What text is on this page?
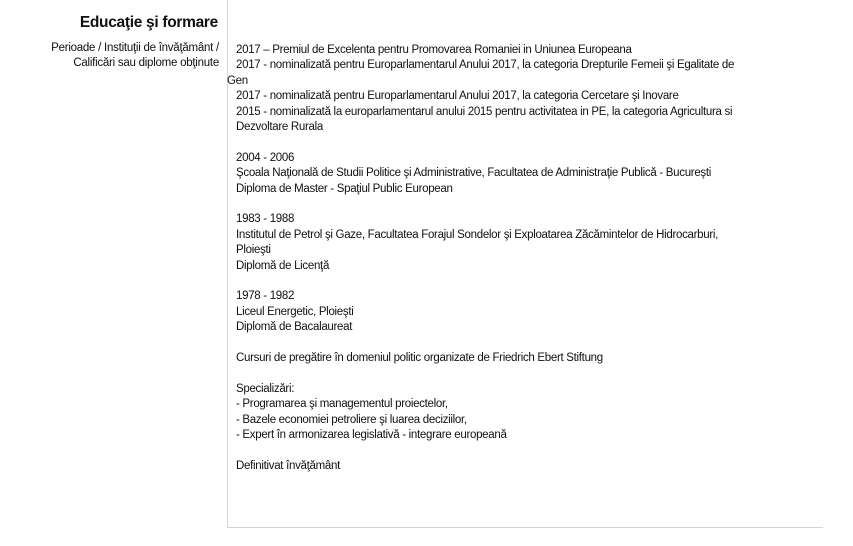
Educaţie şi formare
Perioade / Instituţii de învăţământ /
Calificări sau diplome obţinute

2017 – Premiul de Excelenta pentru Promovarea Romaniei in Uniunea Europeana

2017 - nominalizată pentru Europarlamentarul Anului 2017, la categoria Drepturile Femeii şi Egalitate de

Gen

2017 - nominalizată pentru Europarlamentarul Anului 2017, la categoria Cercetare şi Inovare

2015 - nominalizată la europarlamentarul anului 2015 pentru activitatea in PE, la categoria Agricultura si

Dezvoltare Rurala

2004 - 2006

Şcoala Naţională de Studii Politice şi Administrative, Facultatea de Administraţie Publică - Bucureşti

Diploma de Master - Spaţiul Public European

1983 - 1988

Institutul de Petrol şi Gaze, Facultatea Forajul Sondelor şi Exploatarea Zăcămintelor de Hidrocarburi,

Ploieşti

Diplomă de Licenţă

1978 - 1982

Liceul Energetic, Ploieşti

Diplomă de Bacalaureat

Cursuri de pregătire în domeniul politic organizate de Friedrich Ebert Stiftung

Specializări:

- Programarea şi managementul proiectelor,

- Bazele economiei petroliere şi luarea deciziilor,

- Expert în armonizarea legislativă - integrare europeană

Definitivat învăţământ
